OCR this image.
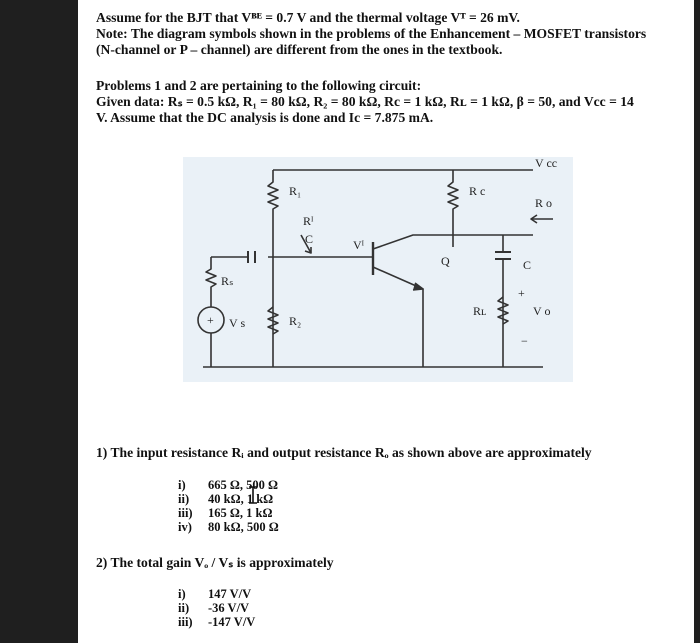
Assume for the BJT that Vᴮᴱ = 0.7 V and the thermal voltage Vᵀ = 26 mV.
Note: The diagram symbols shown in the problems of the Enhancement – MOSFET transistors
(N-channel or P – channel) are different from the ones in the textbook.
Problems 1 and 2 are pertaining to the following circuit:
Given data: Rₛ = 0.5 kΩ, R₁ = 80 kΩ, R₂ = 80 kΩ, Rc = 1 kΩ, Rʟ = 1 kΩ, β = 50, and Vcc = 14
V. Assume that the DC analysis is done and Ic = 7.875 mA.
R₁	R c
V cc
R o
Rᴵ
C	Vᴵ
Q	C
Rₛ
Rʟ
+
V o
−
+ V s	R₂
1) The input resistance Rᵢ and output resistance Rₒ as shown above are approximately
i) 665 Ω, 500 Ω
ii) 40 kΩ, 1 kΩ
iii) 165 Ω, 1 kΩ
iv) 80 kΩ, 500 Ω
2) The total gain Vₒ / Vₛ is approximately
i) 147 V/V
ii) -36 V/V
iii) -147 V/V
